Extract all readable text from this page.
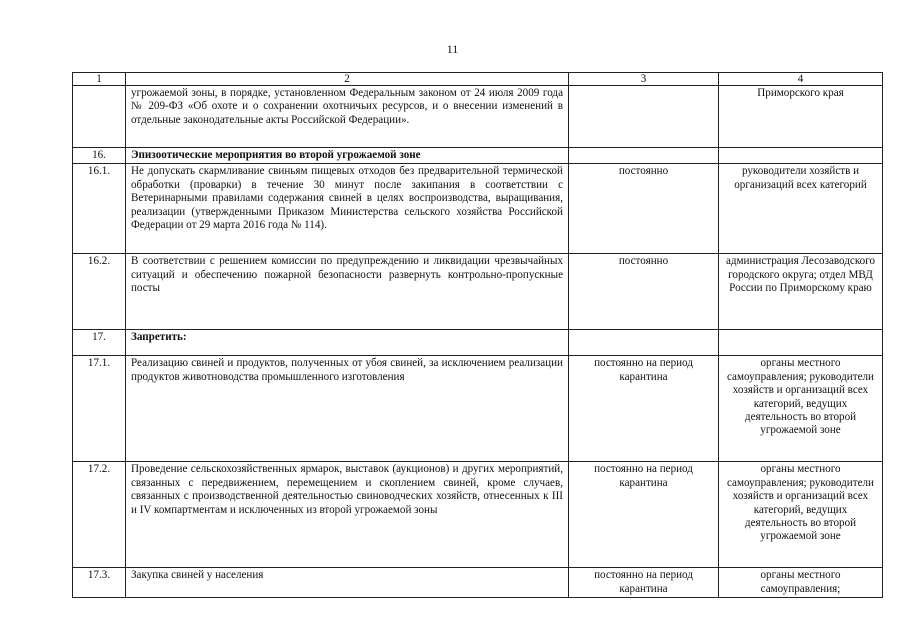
11
1	2	3	4
	угрожаемой зоны, в порядке, установленном Федеральным законом от 24 июля 2009 года № 209-ФЗ «Об охоте и о сохранении охотничьих ресурсов, и о внесении изменений в отдельные законодательные акты Российской Федерации».		Приморского края
16.	Эпизоотические мероприятия во второй угрожаемой зоне		
16.1.	Не допускать скармливание свиньям пищевых отходов без предварительной термической обработки (проварки) в течение 30 минут после закипания в соответствии с Ветеринарными правилами содержания свиней в целях воспроизводства, выращивания, реализации (утвержденными Приказом Министерства сельского хозяйства Российской Федерации от 29 марта 2016 года № 114).	постоянно	руководители хозяйств и организаций всех категорий
16.2.	В соответствии с решением комиссии по предупреждению и ликвидации чрезвычайных ситуаций и обеспечению пожарной безопасности развернуть контрольно-пропускные посты	постоянно	администрация Лесозаводского городского округа; отдел МВД России по Приморскому краю
17.	Запретить:		
17.1.	Реализацию свиней и продуктов, полученных от убоя свиней, за исключением реализации продуктов животноводства промышленного изготовления	постоянно на период карантина	органы местного самоуправления; руководители хозяйств и организаций всех категорий, ведущих деятельность во второй угрожаемой зоне
17.2.	Проведение сельскохозяйственных ярмарок, выставок (аукционов) и других мероприятий, связанных с передвижением, перемещением и скоплением свиней, кроме случаев, связанных с производственной деятельностью свиноводческих хозяйств, отнесенных к III и IV компартментам и исключенных из второй угрожаемой зоны	постоянно на период карантина	органы местного самоуправления; руководители хозяйств и организаций всех категорий, ведущих деятельность во второй угрожаемой зоне
17.3.	Закупка свиней у населения	постоянно на период карантина	органы местного самоуправления;
